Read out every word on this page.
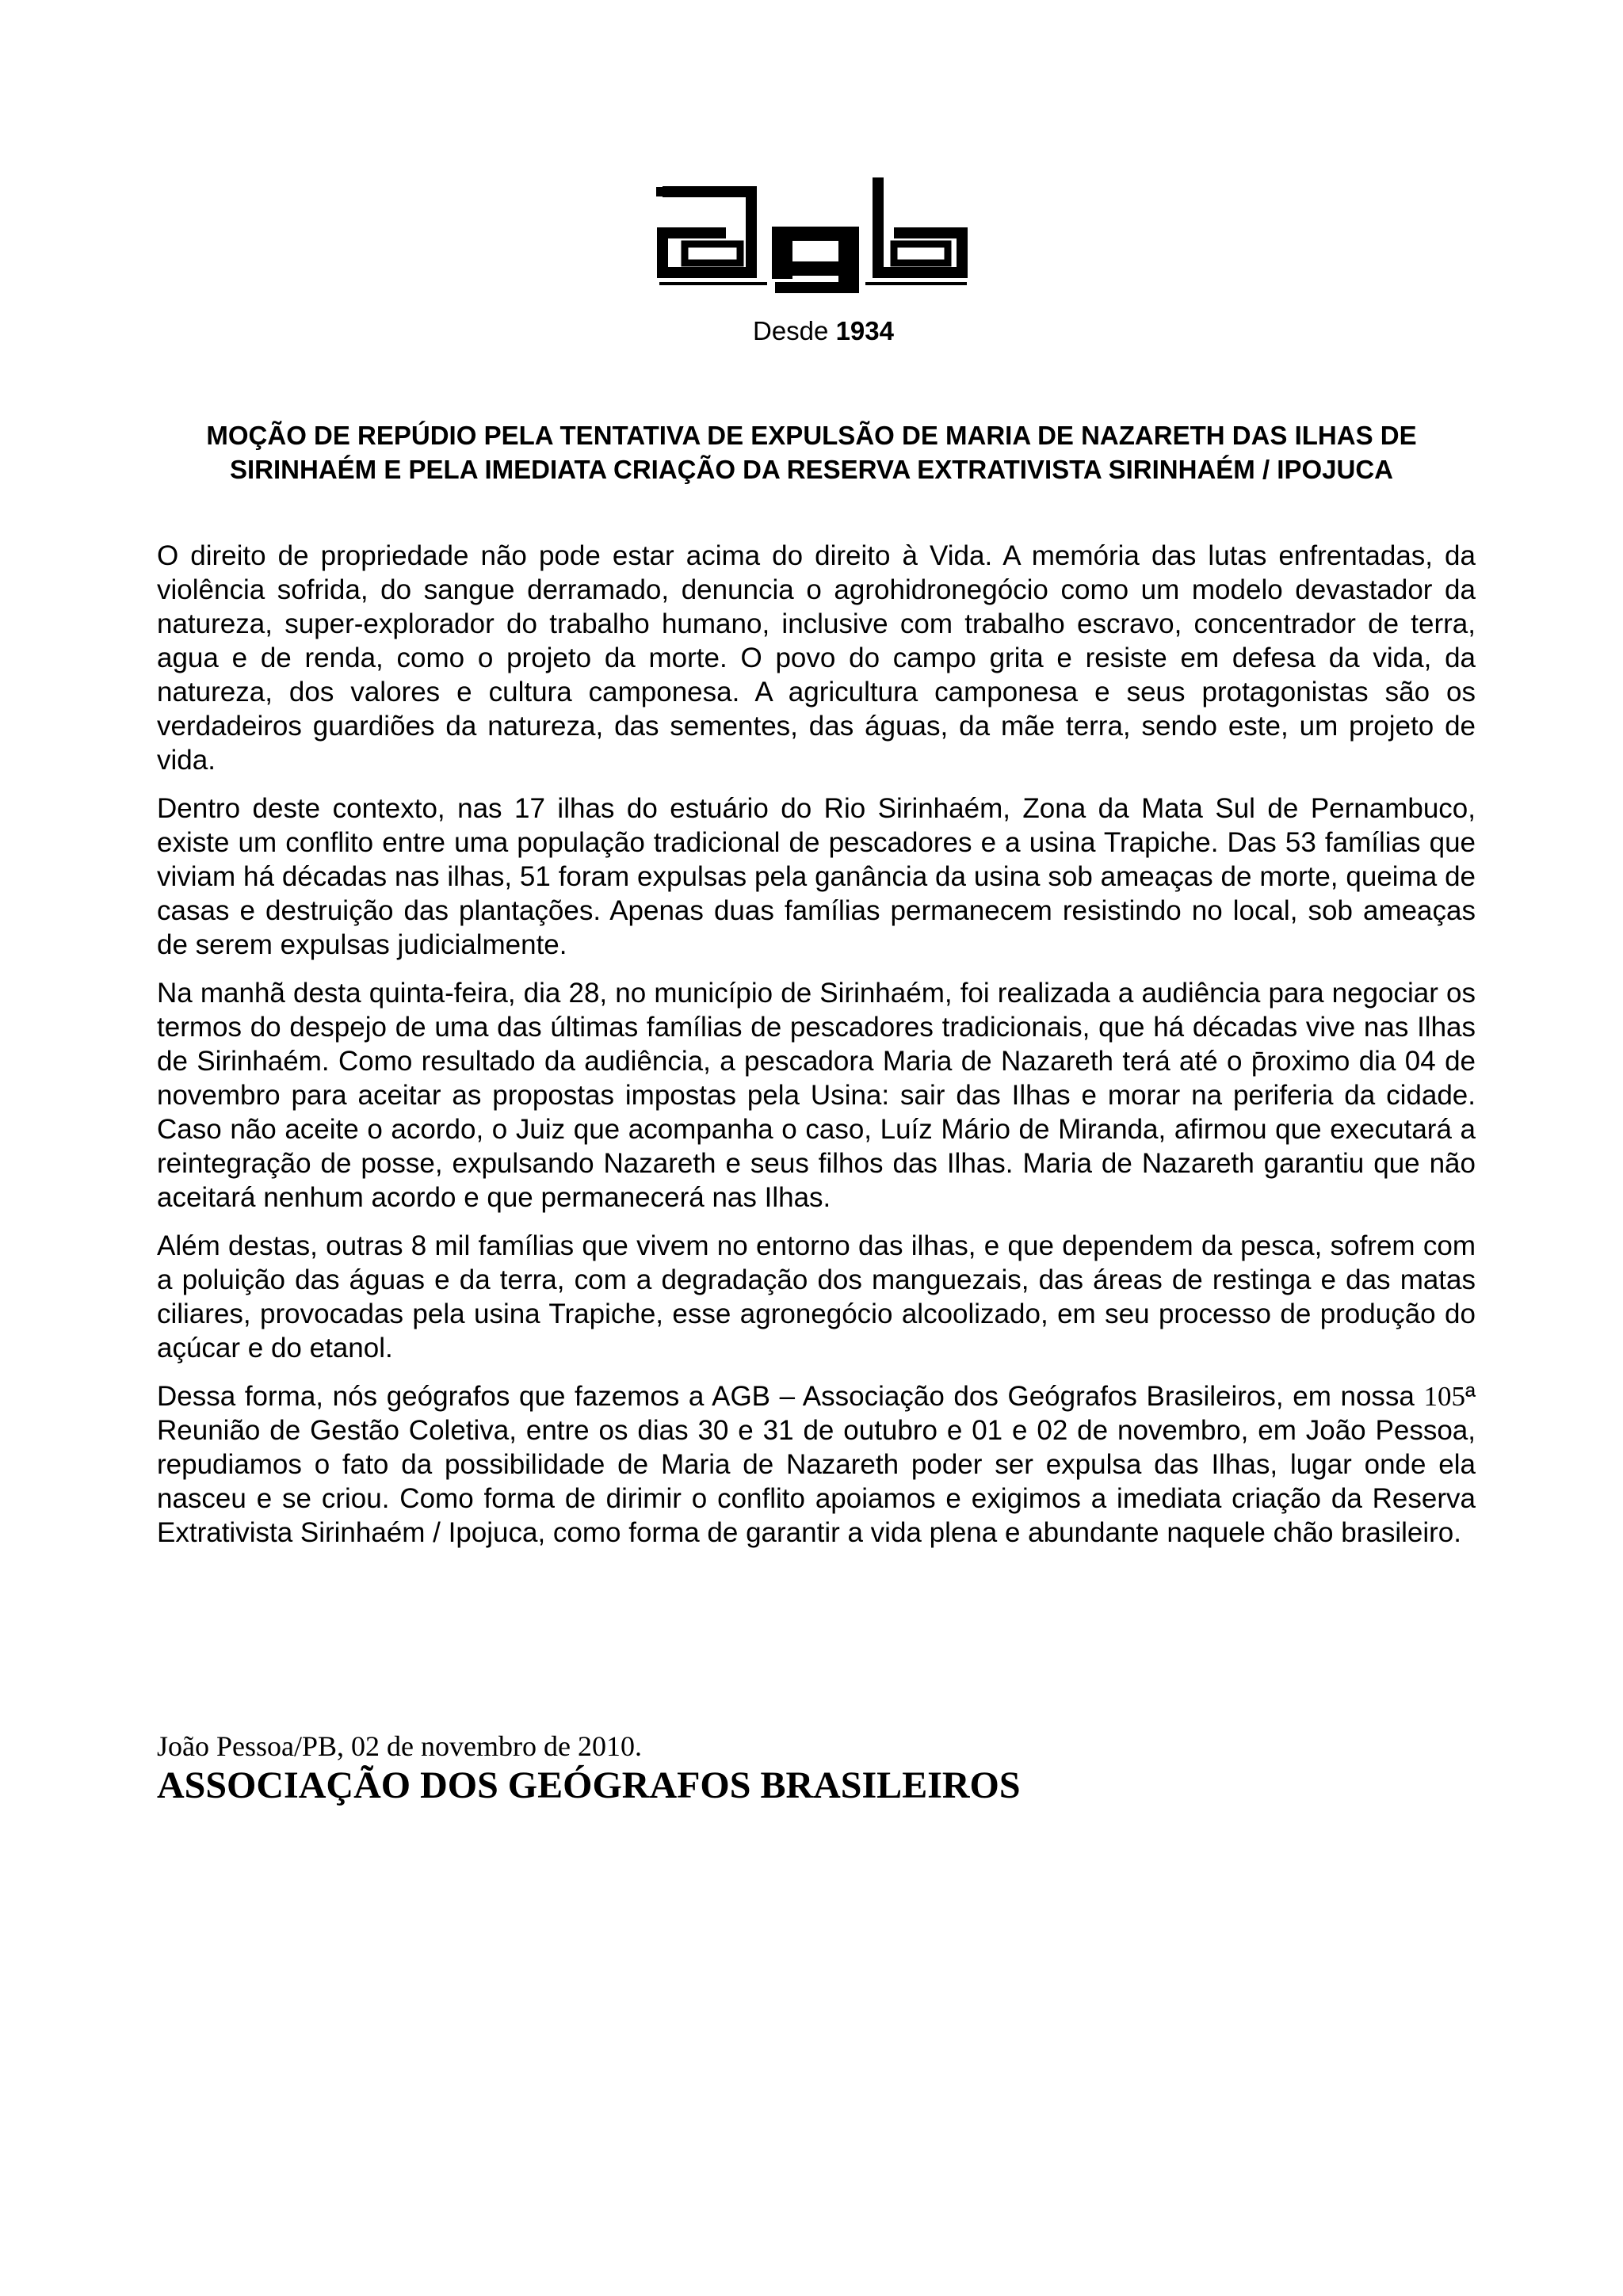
Desde 1934
MOÇÃO DE REPÚDIO PELA TENTATIVA DE EXPULSÃO DE MARIA DE NAZARETH DAS ILHAS DE SIRINHAÉM E PELA IMEDIATA CRIAÇÃO DA RESERVA EXTRATIVISTA SIRINHAÉM / IPOJUCA

O direito de propriedade não pode estar acima do direito à Vida. A memória das lutas enfrentadas, da violência sofrida, do sangue derramado, denuncia o agrohidronegócio como um modelo devastador da natureza, super-explorador do trabalho humano, inclusive com trabalho escravo, concentrador de terra, agua e de renda, como o projeto da morte. O povo do campo grita e resiste em defesa da vida, da natureza, dos valores e cultura camponesa. A agricultura camponesa e seus protagonistas são os verdadeiros guardiões da natureza, das sementes, das águas, da mãe terra, sendo este, um projeto de vida.

Dentro deste contexto, nas 17 ilhas do estuário do Rio Sirinhaém, Zona da Mata Sul de Pernambuco, existe um conflito entre uma população tradicional de pescadores e a usina Trapiche. Das 53 famílias que viviam há décadas nas ilhas, 51 foram expulsas pela ganância da usina sob ameaças de morte, queima de casas e destruição das plantações. Apenas duas famílias permanecem resistindo no local, sob ameaças de serem expulsas judicialmente.

Na manhã desta quinta-feira, dia 28, no município de Sirinhaém, foi realizada a audiência para negociar os termos do despejo de uma das últimas famílias de pescadores tradicionais, que há décadas vive nas Ilhas de Sirinhaém. Como resultado da audiência, a pescadora Maria de Nazareth terá até o p̄roximo dia 04 de novembro para aceitar as propostas impostas pela Usina: sair das Ilhas e morar na periferia da cidade. Caso não aceite o acordo, o Juiz que acompanha o caso, Luíz Mário de Miranda, afirmou que executará a reintegração de posse, expulsando Nazareth e seus filhos das Ilhas. Maria de Nazareth garantiu que não aceitará nenhum acordo e que permanecerá nas Ilhas.

Além destas, outras 8 mil famílias que vivem no entorno das ilhas, e que dependem da pesca, sofrem com a poluição das águas e da terra, com a degradação dos manguezais, das áreas de restinga e das matas ciliares, provocadas pela usina Trapiche, esse agronegócio alcoolizado, em seu processo de produção do açúcar e do etanol.

Dessa forma, nós geógrafos que fazemos a AGB – Associação dos Geógrafos Brasileiros, em nossa 105ª Reunião de Gestão Coletiva, entre os dias 30 e 31 de outubro e 01 e 02 de novembro, em João Pessoa, repudiamos o fato da possibilidade de Maria de Nazareth poder ser expulsa das Ilhas, lugar onde ela nasceu e se criou. Como forma de dirimir o conflito apoiamos e exigimos a imediata criação da Reserva Extrativista Sirinhaém / Ipojuca, como forma de garantir a vida plena e abundante naquele chão brasileiro.

João Pessoa/PB, 02 de novembro de 2010.
ASSOCIAÇÃO DOS GEÓGRAFOS BRASILEIROS
